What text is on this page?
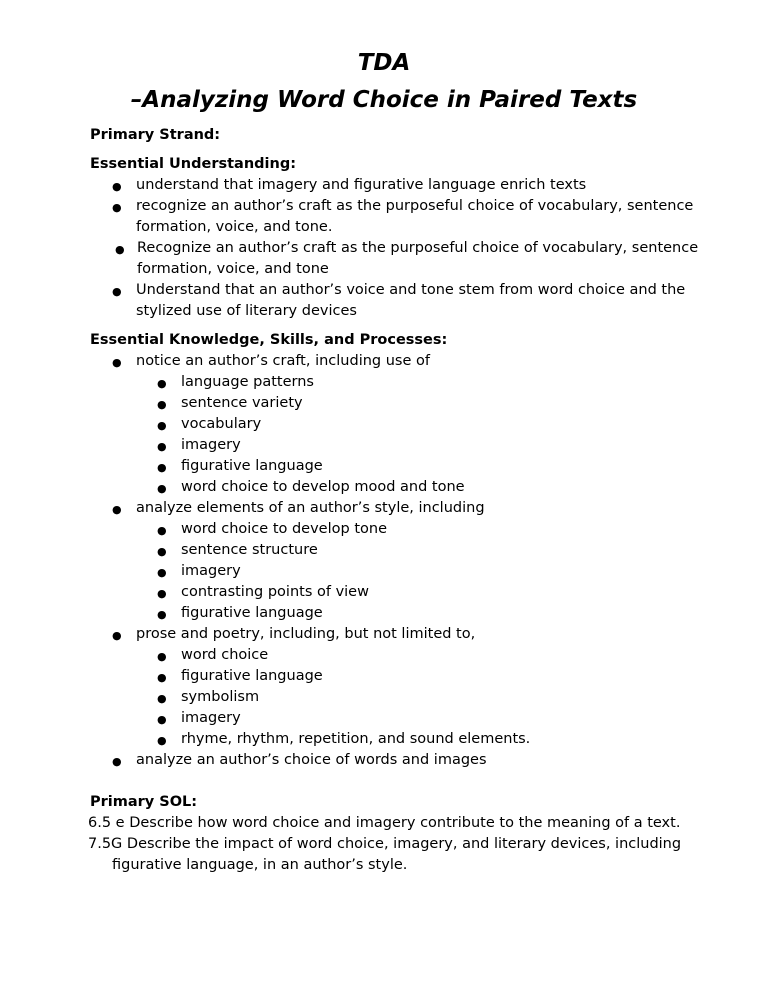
TDA
–Analyzing Word Choice in Paired Texts
Primary Strand:
Essential Understanding:
● understand that imagery and figurative language enrich texts
● recognize an author’s craft as the purposeful choice of vocabulary, sentence formation, voice, and tone.
● Recognize an author’s craft as the purposeful choice of vocabulary, sentence formation, voice, and tone
● Understand that an author’s voice and tone stem from word choice and the stylized use of literary devices
Essential Knowledge, Skills, and Processes:
● notice an author’s craft, including use of
● language patterns
● sentence variety
● vocabulary
● imagery
● figurative language
● word choice to develop mood and tone
● analyze elements of an author’s style, including
● word choice to develop tone
● sentence structure
● imagery
● contrasting points of view
● figurative language
● prose and poetry, including, but not limited to,
● word choice
● figurative language
● symbolism
● imagery
● rhyme, rhythm, repetition, and sound elements.
● analyze an author’s choice of words and images
Primary SOL:
6.5 e Describe how word choice and imagery contribute to the meaning of a text.
7.5G Describe the impact of word choice, imagery, and literary devices, including figurative language, in an author’s style.
